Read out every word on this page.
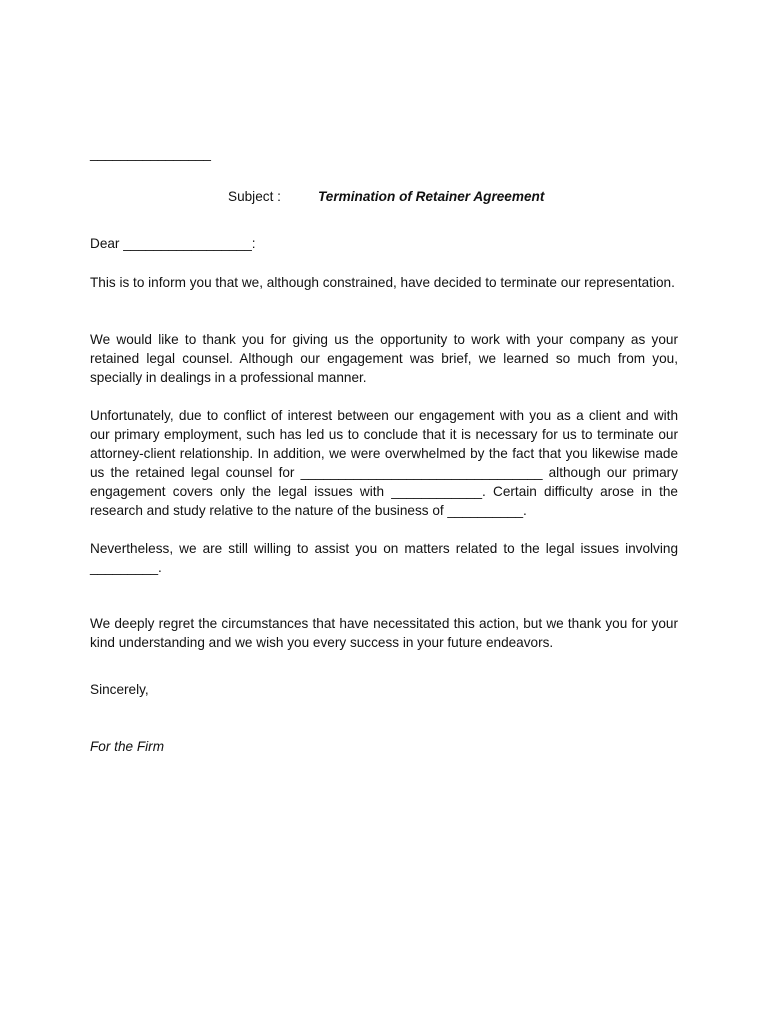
________________
Subject :	Termination of Retainer Agreement
Dear _________________:

This is to inform you that we, although constrained, have decided to terminate our representation.

We would like to thank you for giving us the opportunity to work with your company as your retained legal counsel. Although our engagement was brief, we learned so much from you, specially in dealings in a professional manner.

Unfortunately, due to conflict of interest between our engagement with you as a client and with our primary employment, such has led us to conclude that it is necessary for us to terminate our attorney-client relationship. In addition, we were overwhelmed by the fact that you likewise made us the retained legal counsel for ________________________________ although our primary engagement covers only the legal issues with ____________. Certain difficulty arose in the research and study relative to the nature of the business of __________.

Nevertheless, we are still willing to assist you on matters related to the legal issues involving _________.

We deeply regret the circumstances that have necessitated this action, but we thank you for your kind understanding and we wish you every success in your future endeavors.

Sincerely,
For the Firm
